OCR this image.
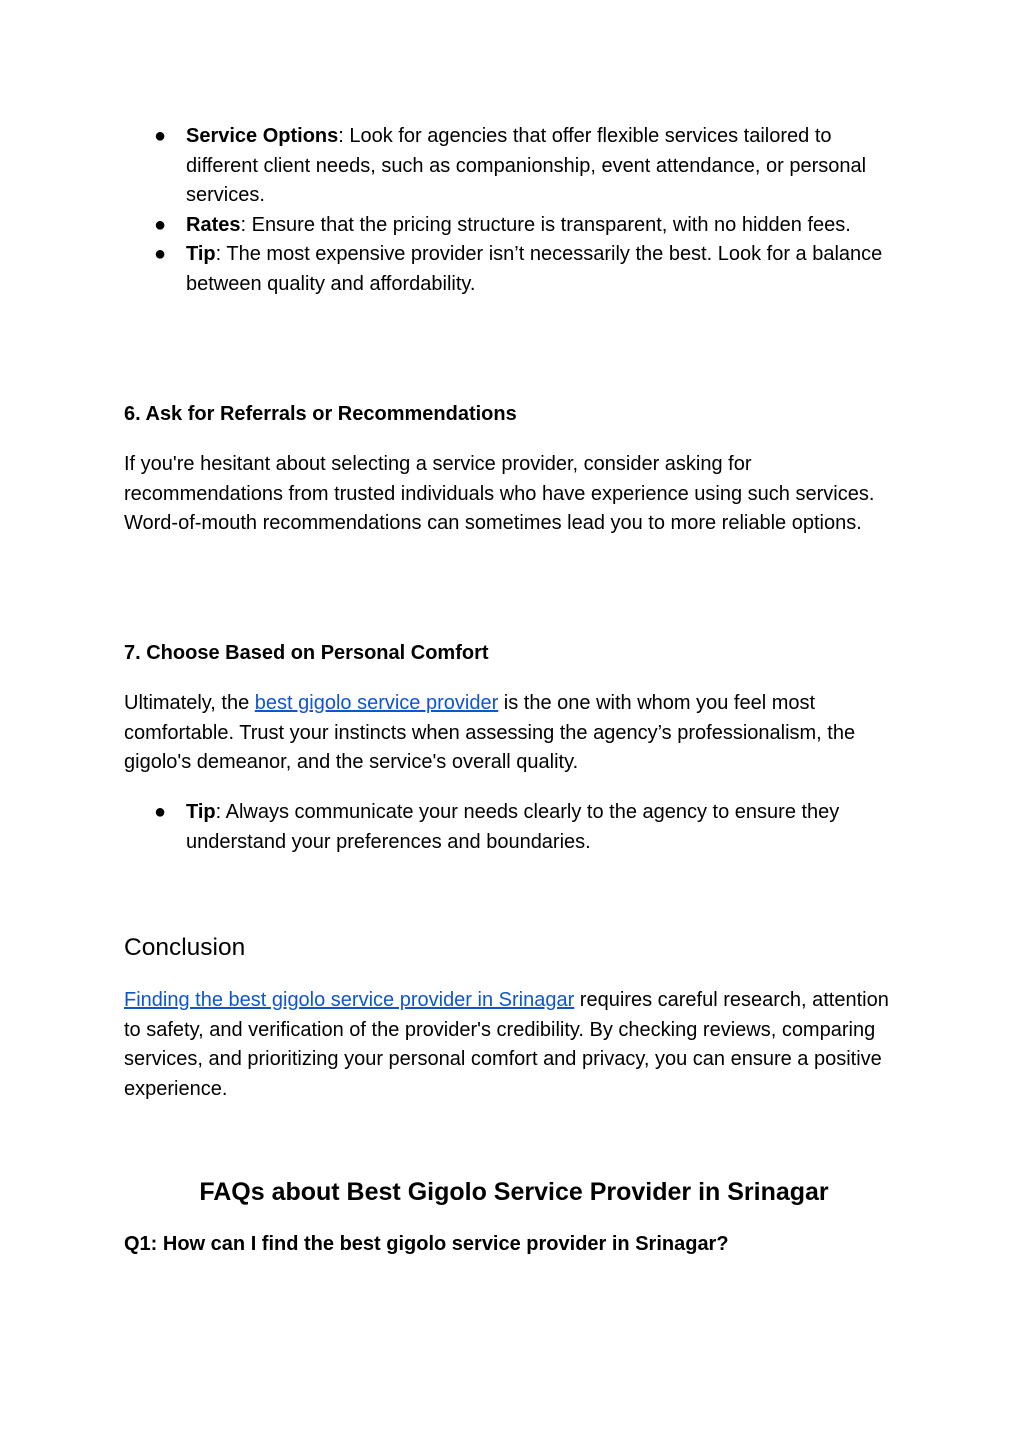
● Service Options: Look for agencies that offer flexible services tailored to different client needs, such as companionship, event attendance, or personal services.
● Rates: Ensure that the pricing structure is transparent, with no hidden fees.
● Tip: The most expensive provider isn’t necessarily the best. Look for a balance between quality and affordability.
6. Ask for Referrals or Recommendations

If you're hesitant about selecting a service provider, consider asking for recommendations from trusted individuals who have experience using such services. Word-of-mouth recommendations can sometimes lead you to more reliable options.

7. Choose Based on Personal Comfort

Ultimately, the best gigolo service provider is the one with whom you feel most comfortable. Trust your instincts when assessing the agency’s professionalism, the gigolo's demeanor, and the service's overall quality.

● Tip: Always communicate your needs clearly to the agency to ensure they understand your preferences and boundaries.
Conclusion

Finding the best gigolo service provider in Srinagar requires careful research, attention to safety, and verification of the provider's credibility. By checking reviews, comparing services, and prioritizing your personal comfort and privacy, you can ensure a positive experience.

FAQs about Best Gigolo Service Provider in Srinagar
Q1: How can I find the best gigolo service provider in Srinagar?
